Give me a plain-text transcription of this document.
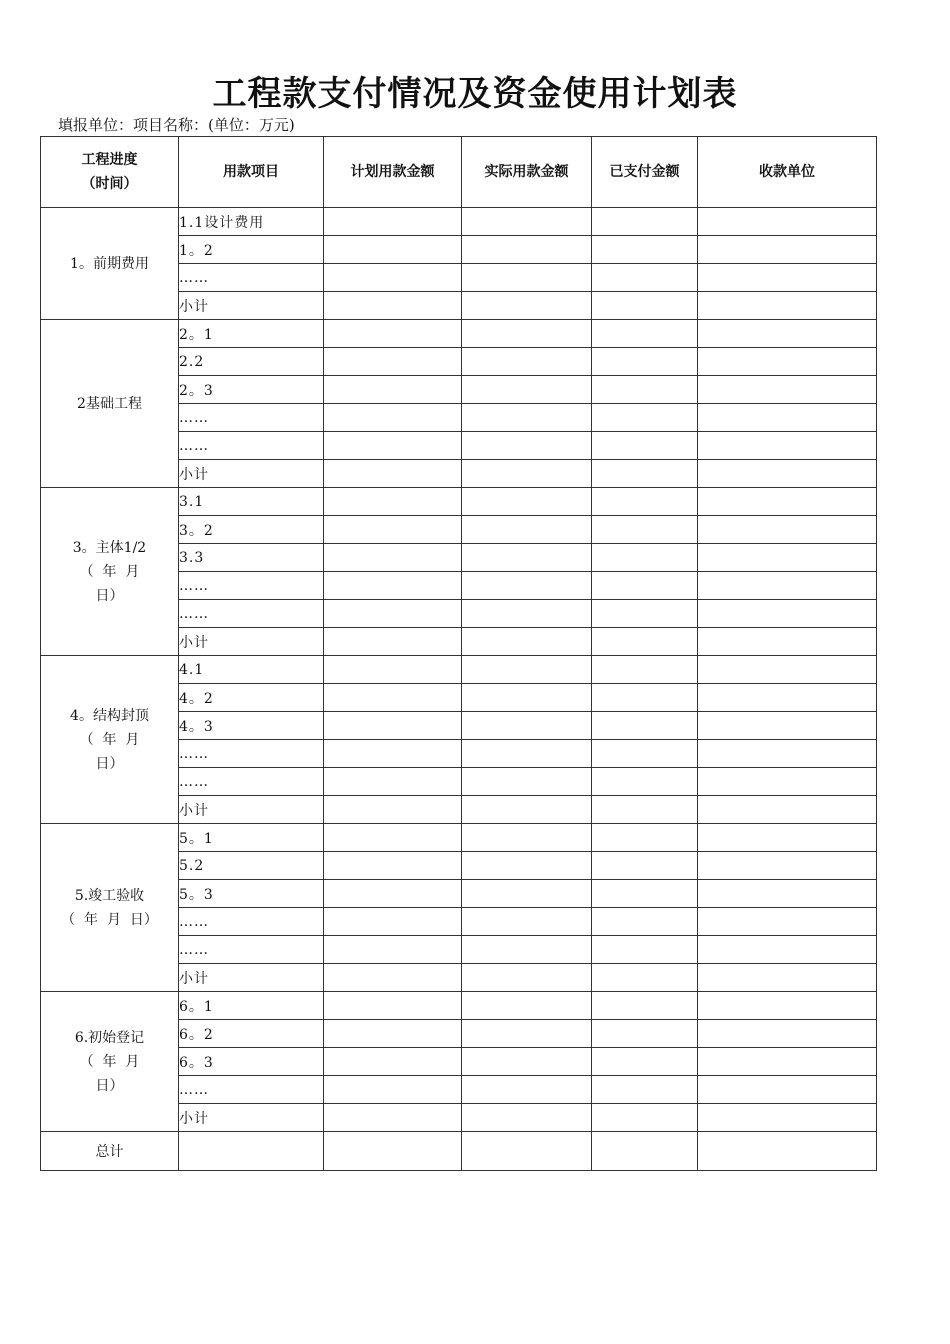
工程款支付情况及资金使用计划表
填报单位：项目名称：(单位：万元)
工程进度
（时间）	用款项目	计划用款金额	实际用款金额	已支付金额	收款单位

1。前期费用	1.1设计费用				
	1。2				
	……				
	小计				

2基础工程	2。1				
	2.2				
	2。3				
	……				
	……				
	小计				

3。主体1/2
（  年  月
日）	3.1				
	3。2				
	3.3				
	……				
	……				
	小计				

4。结构封顶
（  年  月
日）	4.1				
	4。2				
	4。3				
	……				
	……				
	小计				

5.竣工验收
（  年  月  日）	5。1				
	5.2				
	5。3				
	……				
	……				
	小计				

6.初始登记
（  年  月
日）	6。1				
	6。2				
	6。3				
	……				
	小计				
总计					
